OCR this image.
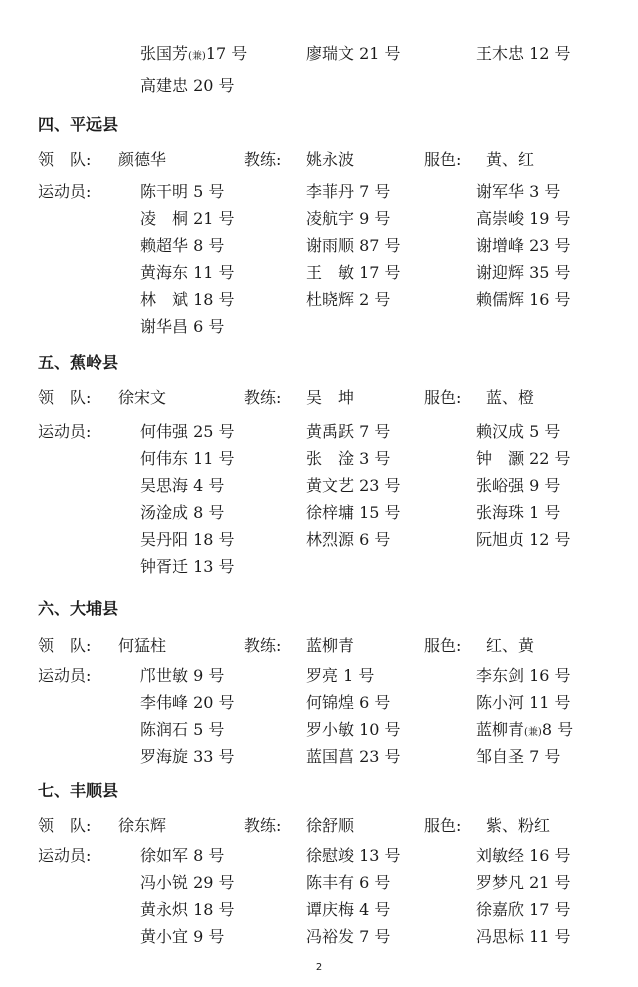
张国芳(兼)17 号	廖瑞文 21 号	王木忠 12 号
高建忠 20 号
四、平远县
领　队: 颜德华	教练: 姚永波	服色: 黄、红
运动员:	陈干明 5 号	李菲丹 7 号	谢军华 3 号
凌　桐 21 号	凌航宇 9 号	高崇峻 19 号
赖超华 8 号	谢雨顺 87 号	谢增峰 23 号
黄海东 11 号	王　敏 17 号	谢迎辉 35 号
林　斌 18 号	杜晓辉 2 号	赖儒辉 16 号
谢华昌 6 号
五、蕉岭县
领　队: 徐宋文	教练: 吴　坤	服色: 蓝、橙
运动员:	何伟强 25 号	黄禹跃 7 号	赖汉成 5 号
何伟东 11 号	张　淦 3 号	钟　灏 22 号
吴思海 4 号	黄文艺 23 号	张峪强 9 号
汤淦成 8 号	徐梓墉 15 号	张海珠 1 号
吴丹阳 18 号	林烈源 6 号	阮旭贞 12 号
钟胥迁 13 号
六、大埔县
领　队: 何猛柱	教练: 蓝柳青	服色: 红、黄
运动员:	邝世敏 9 号	罗亮 1 号	李东剑 16 号
李伟峰 20 号	何锦煌 6 号	陈小河 11 号
陈润石 5 号	罗小敏 10 号	蓝柳青(兼)8 号
罗海旋 33 号	蓝国菖 23 号	邹自圣 7 号
七、丰顺县
领　队: 徐东辉	教练: 徐舒顺	服色: 紫、粉红
运动员:	徐如军 8 号	徐慰竣 13 号	刘敏经 16 号
冯小锐 29 号	陈丰有 6 号	罗梦凡 21 号
黄永炽 18 号	谭庆梅 4 号	徐嘉欣 17 号
黄小宜 9 号	冯裕发 7 号	冯思标 11 号
2
